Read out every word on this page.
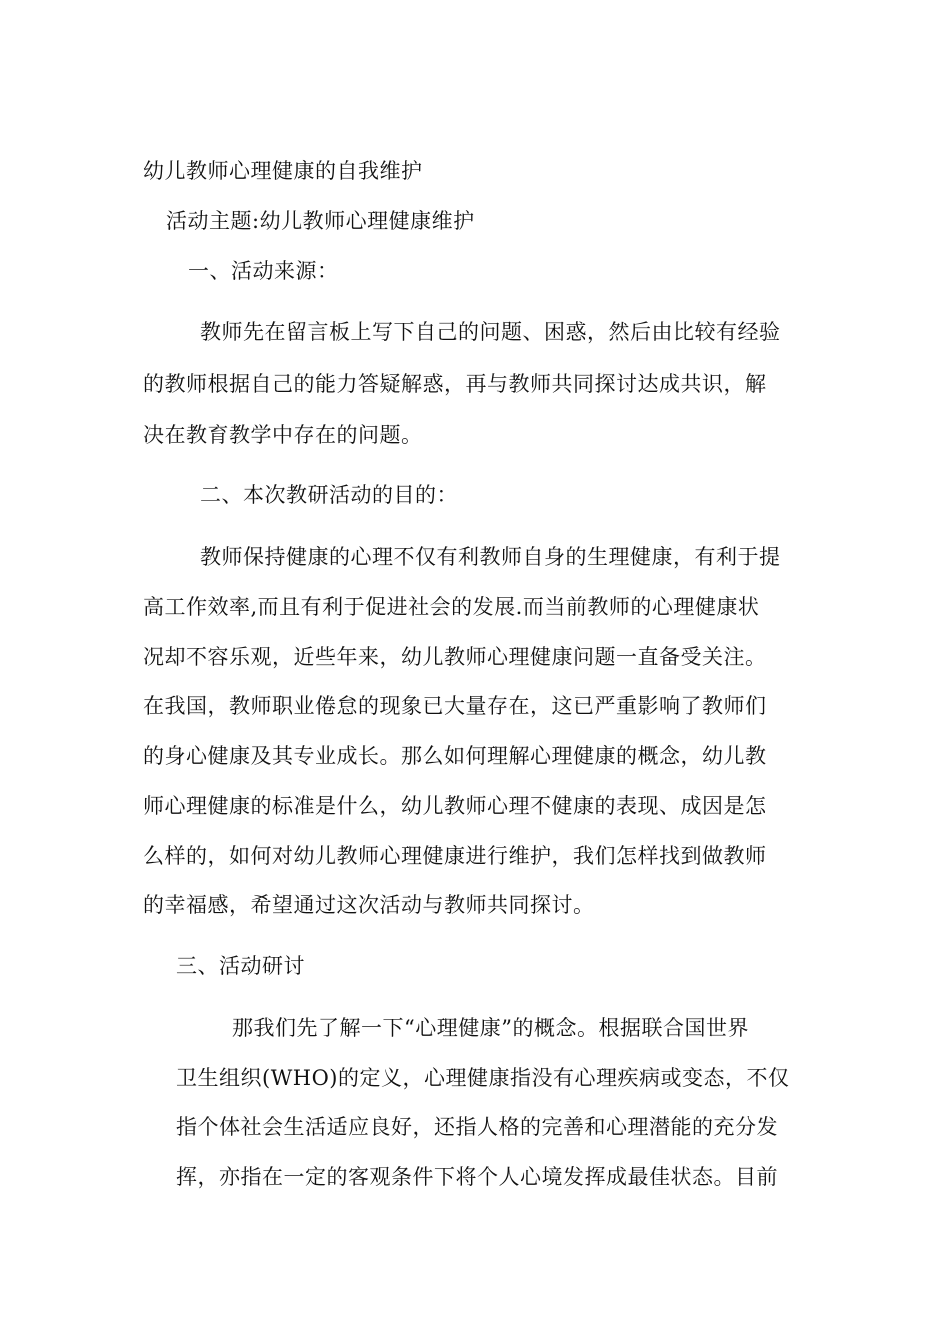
幼儿教师心理健康的自我维护
活动主题:幼儿教师心理健康维护
一、活动来源：
教师先在留言板上写下自己的问题、困惑，然后由比较有经验
的教师根据自己的能力答疑解惑，再与教师共同探讨达成共识，解
决在教育教学中存在的问题。
二、本次教研活动的目的：
教师保持健康的心理不仅有利教师自身的生理健康，有利于提
高工作效率,而且有利于促进社会的发展.而当前教师的心理健康状
况却不容乐观，近些年来，幼儿教师心理健康问题一直备受关注。
在我国，教师职业倦怠的现象已大量存在，这已严重影响了教师们
的身心健康及其专业成长。那么如何理解心理健康的概念，幼儿教
师心理健康的标准是什么，幼儿教师心理不健康的表现、成因是怎
么样的，如何对幼儿教师心理健康进行维护，我们怎样找到做教师
的幸福感，希望通过这次活动与教师共同探讨。
三、活动研讨
那我们先了解一下“心理健康”的概念。根据联合国世界
卫生组织(WHO)的定义，心理健康指没有心理疾病或变态，不仅
指个体社会生活适应良好，还指人格的完善和心理潜能的充分发
挥，亦指在一定的客观条件下将个人心境发挥成最佳状态。目前
